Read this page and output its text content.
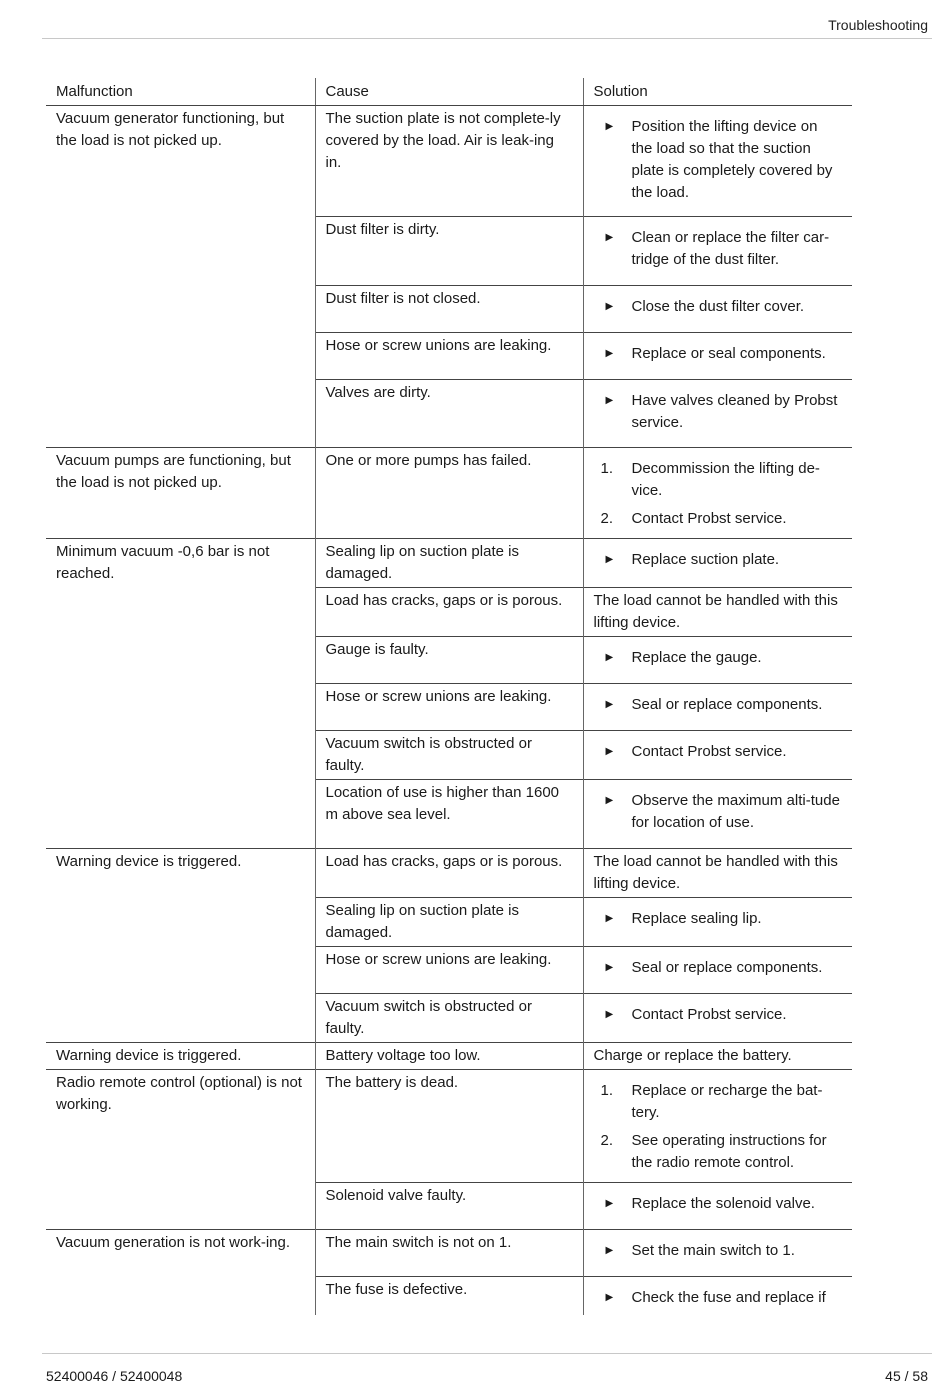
Troubleshooting
Malfunction	Cause	Solution
Vacuum generator functioning, but the load is not picked up.	The suction plate is not complete-ly covered by the load. Air is leak-ing in.	▶ Position the lifting device on the load so that the suction plate is completely covered by the load.

	Dust filter is dirty.	▶ Clean or replace the filter car-tridge of the dust filter.

	Dust filter is not closed.	▶ Close the dust filter cover.

	Hose or screw unions are leaking.	▶ Replace or seal components.

	Valves are dirty.	▶ Have valves cleaned by Probst service.

Vacuum pumps are functioning, but the load is not picked up.	One or more pumps has failed.	1. Decommission the lifting de-vice.
2. Contact Probst service.

Minimum vacuum -0,6 bar is not reached.	Sealing lip on suction plate is damaged.	▶ Replace suction plate.

	Load has cracks, gaps or is porous.	The load cannot be handled with this lifting device.

	Gauge is faulty.	▶ Replace the gauge.

	Hose or screw unions are leaking.	▶ Seal or replace components.

	Vacuum switch is obstructed or faulty.	▶ Contact Probst service.

	Location of use is higher than 1600 m above sea level.	▶ Observe the maximum alti-tude for location of use.

Warning device is triggered.	Load has cracks, gaps or is porous.	The load cannot be handled with this lifting device.

	Sealing lip on suction plate is damaged.	▶ Replace sealing lip.

	Hose or screw unions are leaking.	▶ Seal or replace components.

	Vacuum switch is obstructed or faulty.	▶ Contact Probst service.

Warning device is triggered.	Battery voltage too low.	Charge or replace the battery.

Radio remote control (optional) is not working.	The battery is dead.	1. Replace or recharge the bat-tery.
2. See operating instructions for the radio remote control.

	Solenoid valve faulty.	▶ Replace the solenoid valve.

Vacuum generation is not work-ing.	The main switch is not on 1.	▶ Set the main switch to 1.

	The fuse is defective.	▶ Check the fuse and replace if
52400046 / 52400048	45 / 58
